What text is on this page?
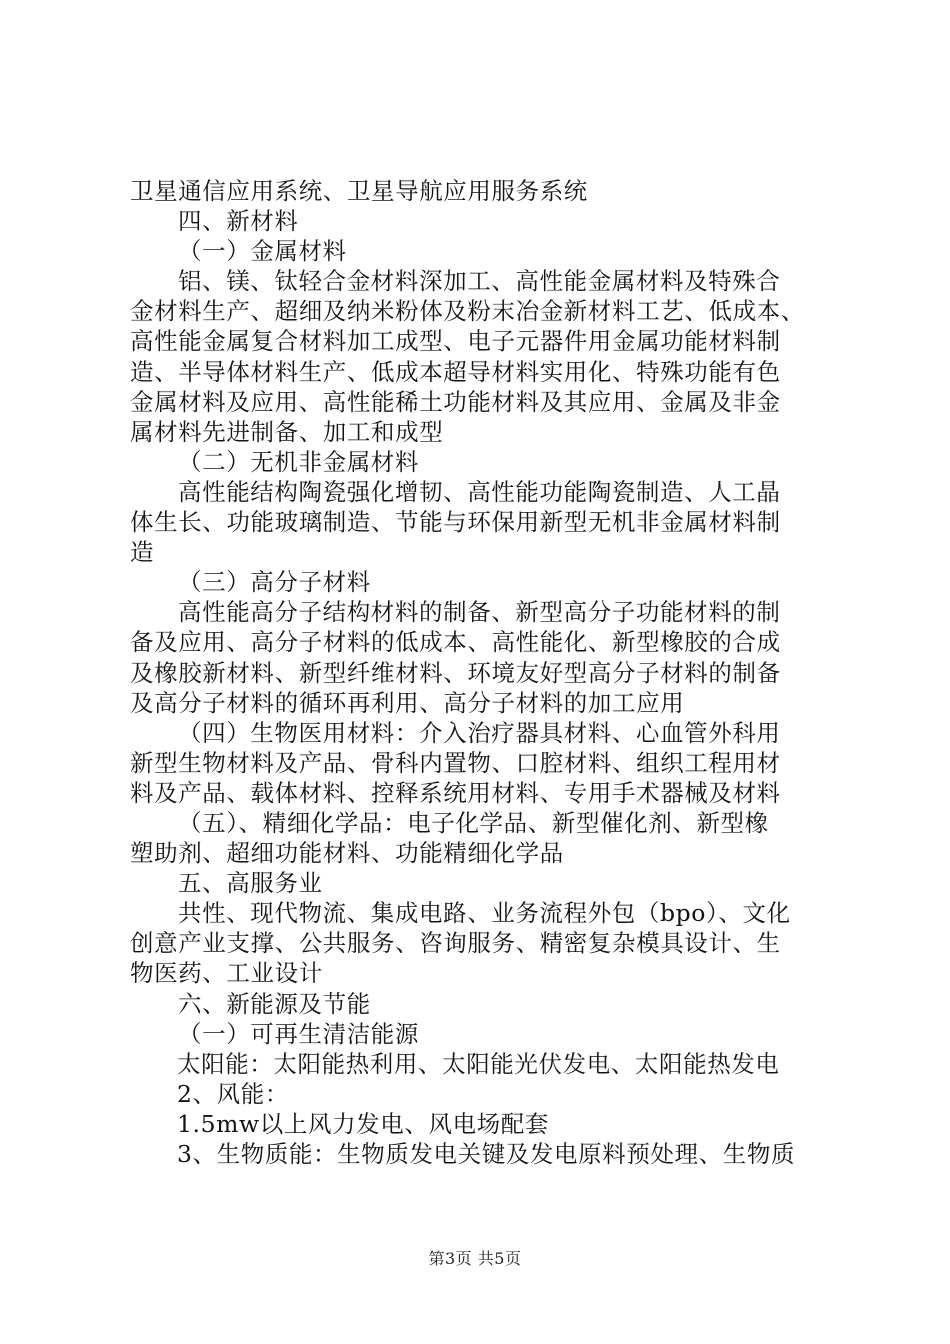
卫星通信应用系统、卫星导航应用服务系统
四、新材料
（一）金属材料
铝、镁、钛轻合金材料深加工、高性能金属材料及特殊合
金材料生产、超细及纳米粉体及粉末冶金新材料工艺、低成本、
高性能金属复合材料加工成型、电子元器件用金属功能材料制
造、半导体材料生产、低成本超导材料实用化、特殊功能有色
金属材料及应用、高性能稀土功能材料及其应用、金属及非金
属材料先进制备、加工和成型
（二）无机非金属材料
高性能结构陶瓷强化增韧、高性能功能陶瓷制造、人工晶
体生长、功能玻璃制造、节能与环保用新型无机非金属材料制
造
（三）高分子材料
高性能高分子结构材料的制备、新型高分子功能材料的制
备及应用、高分子材料的低成本、高性能化、新型橡胶的合成
及橡胶新材料、新型纤维材料、环境友好型高分子材料的制备
及高分子材料的循环再利用、高分子材料的加工应用
（四）生物医用材料：介入治疗器具材料、心血管外科用
新型生物材料及产品、骨科内置物、口腔材料、组织工程用材
料及产品、载体材料、控释系统用材料、专用手术器械及材料
（五）、精细化学品：电子化学品、新型催化剂、新型橡
塑助剂、超细功能材料、功能精细化学品
五、高服务业
共性、现代物流、集成电路、业务流程外包（bpo）、文化
创意产业支撑、公共服务、咨询服务、精密复杂模具设计、生
物医药、工业设计
六、新能源及节能
（一）可再生清洁能源
太阳能：太阳能热利用、太阳能光伏发电、太阳能热发电
2、风能：
1.5mw以上风力发电、风电场配套
3、生物质能：生物质发电关键及发电原料预处理、生物质
第3页 共5页
